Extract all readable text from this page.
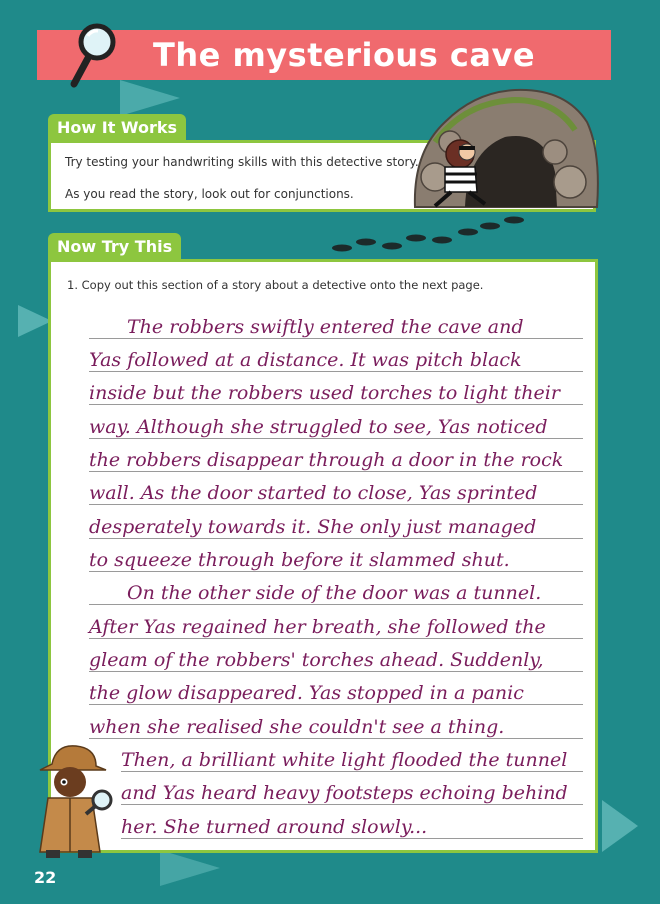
The mysterious cave
How It Works
Try testing your handwriting skills with this detective story.
As you read the story, look out for conjunctions.
Now Try This
1. Copy out this section of a story about a detective onto the next page.
The robbers swiftly entered the cave and
Yas followed at a distance. It was pitch black
inside but the robbers used torches to light their
way. Although she struggled to see, Yas noticed
the robbers disappear through a door in the rock
wall. As the door started to close, Yas sprinted
desperately towards it. She only just managed
to squeeze through before it slammed shut.
On the other side of the door was a tunnel.
After Yas regained her breath, she followed the
gleam of the robbers' torches ahead. Suddenly,
the glow disappeared. Yas stopped in a panic
when she realised she couldn't see a thing.
Then, a brilliant white light flooded the tunnel
and Yas heard heavy footsteps echoing behind
her. She turned around slowly...
22
